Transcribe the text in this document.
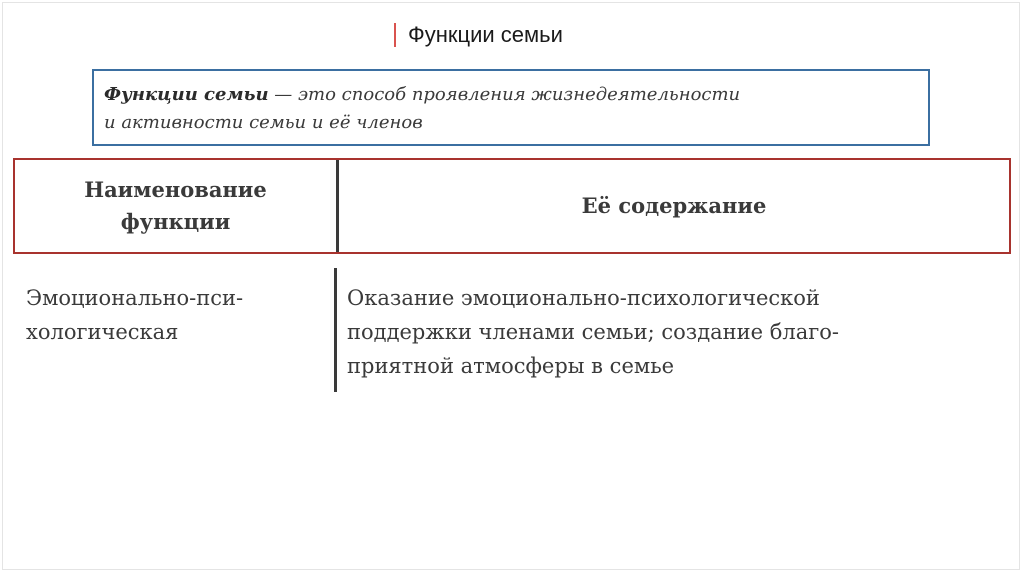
Функции семьи
Функции семьи — это способ проявления жизнедеятельности
и активности семьи и её членов
Наименование
функции
Её содержание
Эмоционально-пси-
хологическая
Оказание эмоционально-психологической
поддержки членами семьи; создание благо-
приятной атмосферы в семье
